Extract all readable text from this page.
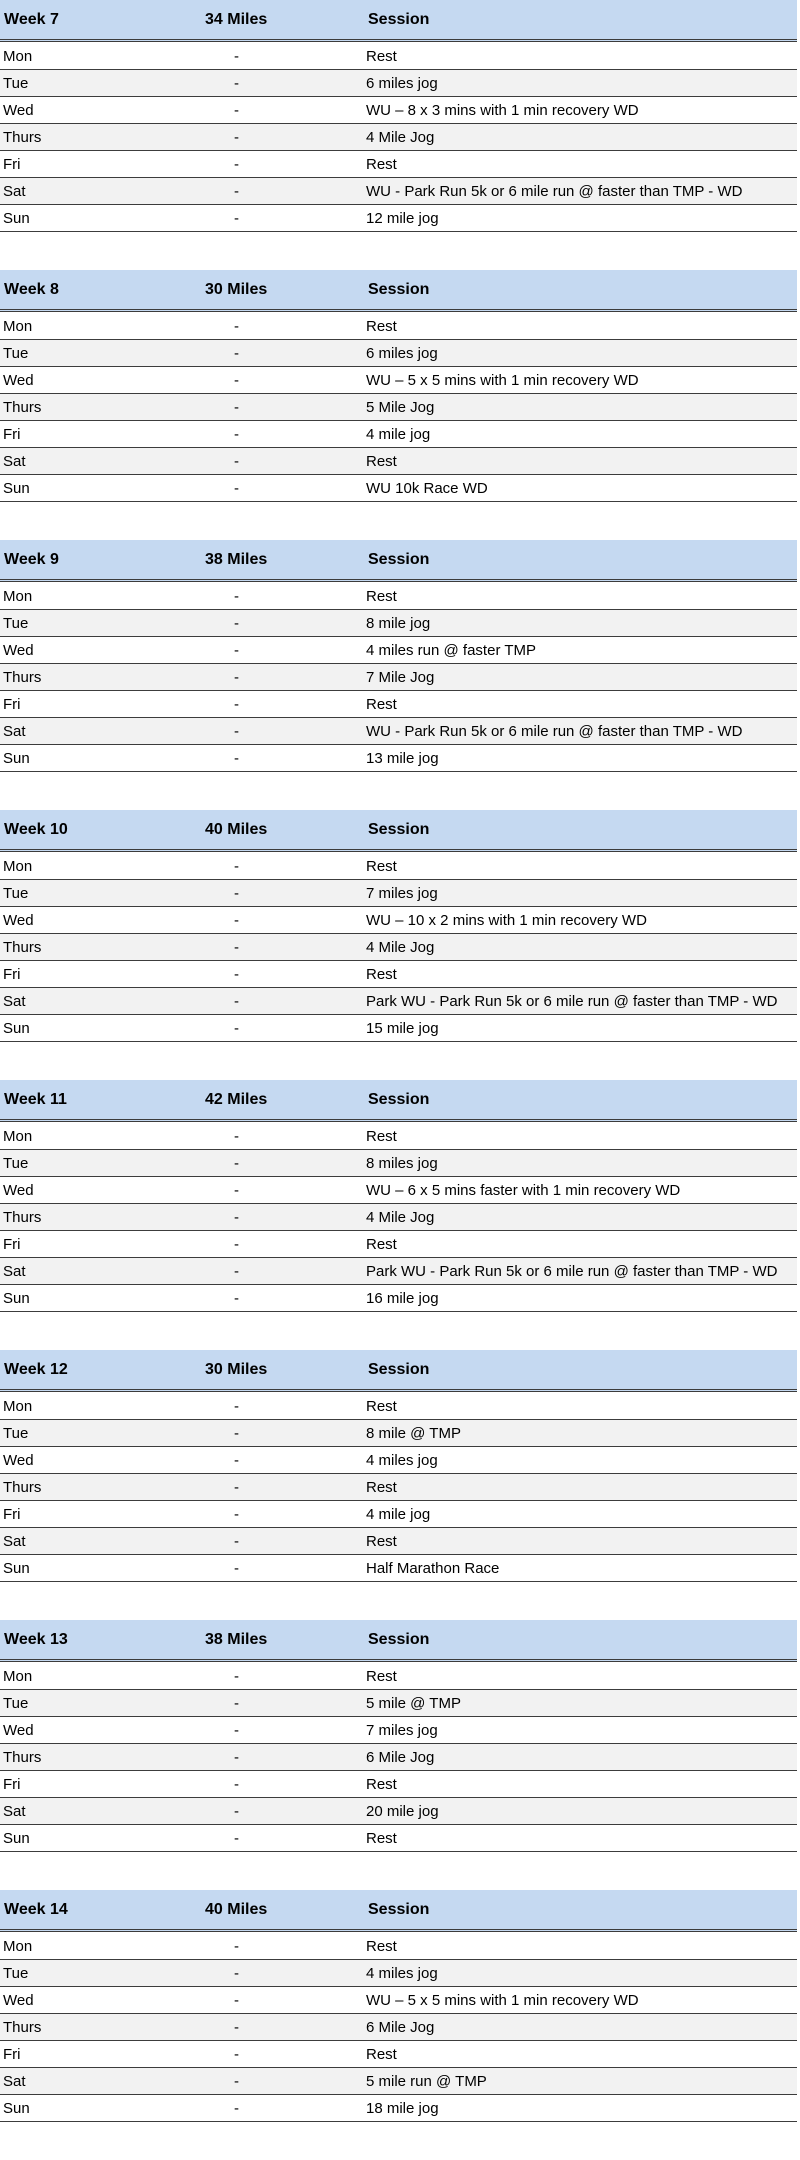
Week 7	34 Miles	Session
Mon	-	Rest
Tue	-	6 miles jog
Wed	-	WU – 8 x 3 mins with 1 min recovery WD
Thurs	-	4 Mile Jog
Fri	-	Rest
Sat	-	WU - Park Run 5k or 6 mile run @ faster than TMP - WD
Sun	-	12 mile jog
Week 8	30 Miles	Session
Mon	-	Rest
Tue	-	6 miles jog
Wed	-	WU – 5 x 5 mins with 1 min recovery WD
Thurs	-	5 Mile Jog
Fri	-	4 mile jog
Sat	-	Rest
Sun	-	WU 10k Race WD
Week 9	38 Miles	Session
Mon	-	Rest
Tue	-	8 mile jog
Wed	-	4 miles run @ faster TMP
Thurs	-	7 Mile Jog
Fri	-	Rest
Sat	-	WU - Park Run 5k or 6 mile run @ faster than TMP - WD
Sun	-	13 mile jog
Week 10	40 Miles	Session
Mon	-	Rest
Tue	-	7 miles jog
Wed	-	WU – 10 x 2 mins with 1 min recovery WD
Thurs	-	4 Mile Jog
Fri	-	Rest
Sat	-	Park WU - Park Run 5k or 6 mile run @ faster than TMP - WD
Sun	-	15 mile jog
Week 11	42 Miles	Session
Mon	-	Rest
Tue	-	8 miles jog
Wed	-	WU – 6 x 5 mins faster with 1 min recovery WD
Thurs	-	4 Mile Jog
Fri	-	Rest
Sat	-	Park WU - Park Run 5k or 6 mile run @ faster than TMP - WD
Sun	-	16 mile jog
Week 12	30 Miles	Session
Mon	-	Rest
Tue	-	8 mile @ TMP
Wed	-	4 miles jog
Thurs	-	Rest
Fri	-	4 mile jog
Sat	-	Rest
Sun	-	Half Marathon Race
Week 13	38 Miles	Session
Mon	-	Rest
Tue	-	5 mile @ TMP
Wed	-	7 miles jog
Thurs	-	6 Mile Jog
Fri	-	Rest
Sat	-	20 mile jog
Sun	-	Rest
Week 14	40 Miles	Session
Mon	-	Rest
Tue	-	4 miles jog
Wed	-	WU – 5 x 5 mins with 1 min recovery WD
Thurs	-	6 Mile Jog
Fri	-	Rest
Sat	-	5 mile run @ TMP
Sun	-	18 mile jog
